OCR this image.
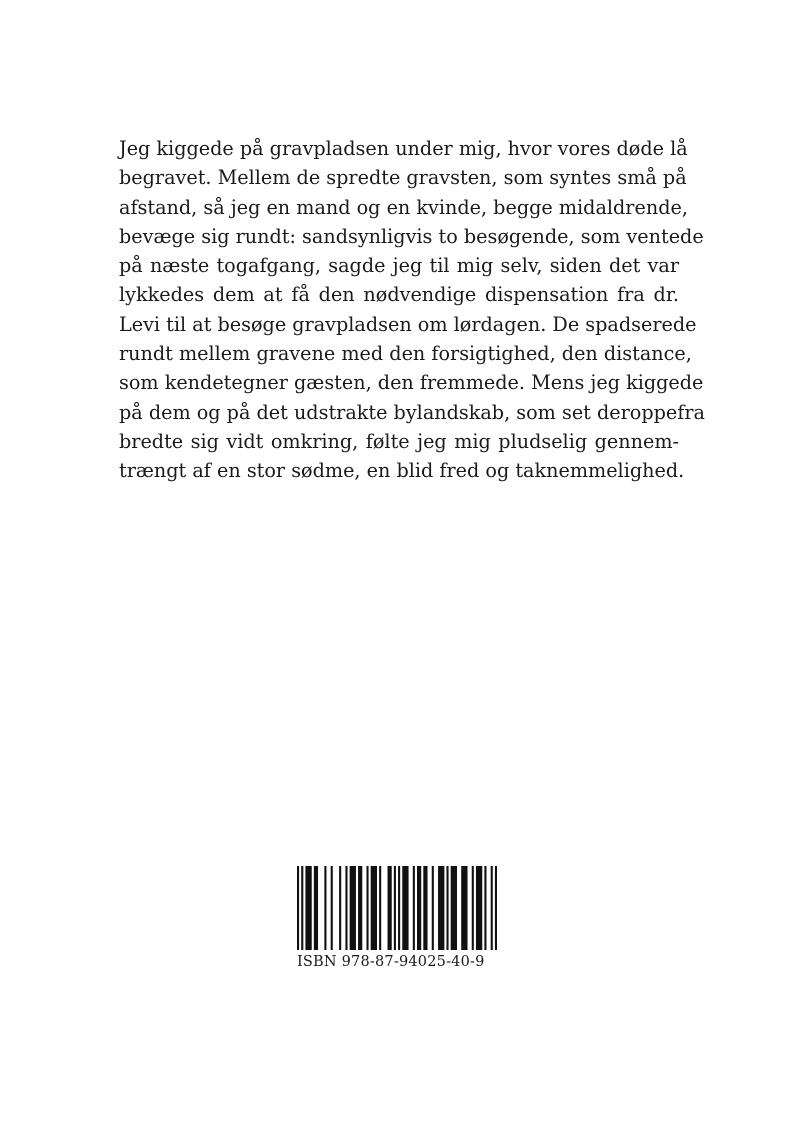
Jeg kiggede på gravpladsen under mig, hvor vores døde lå
begravet. Mellem de spredte gravsten, som syntes små på
afstand, så jeg en mand og en kvinde, begge midaldrende,
bevæge sig rundt: sandsynligvis to besøgende, som ventede
på næste togafgang, sagde jeg til mig selv, siden det var
lykkedes dem at få den nødvendige dispensation fra dr.
Levi til at besøge gravpladsen om lørdagen. De spadserede
rundt mellem gravene med den forsigtighed, den distance,
som kendetegner gæsten, den fremmede. Mens jeg kiggede
på dem og på det udstrakte bylandskab, som set deroppefra
bredte sig vidt omkring, følte jeg mig pludselig gennem-
trængt af en stor sødme, en blid fred og taknemmelighed.
ISBN 978-87-94025-40-9
